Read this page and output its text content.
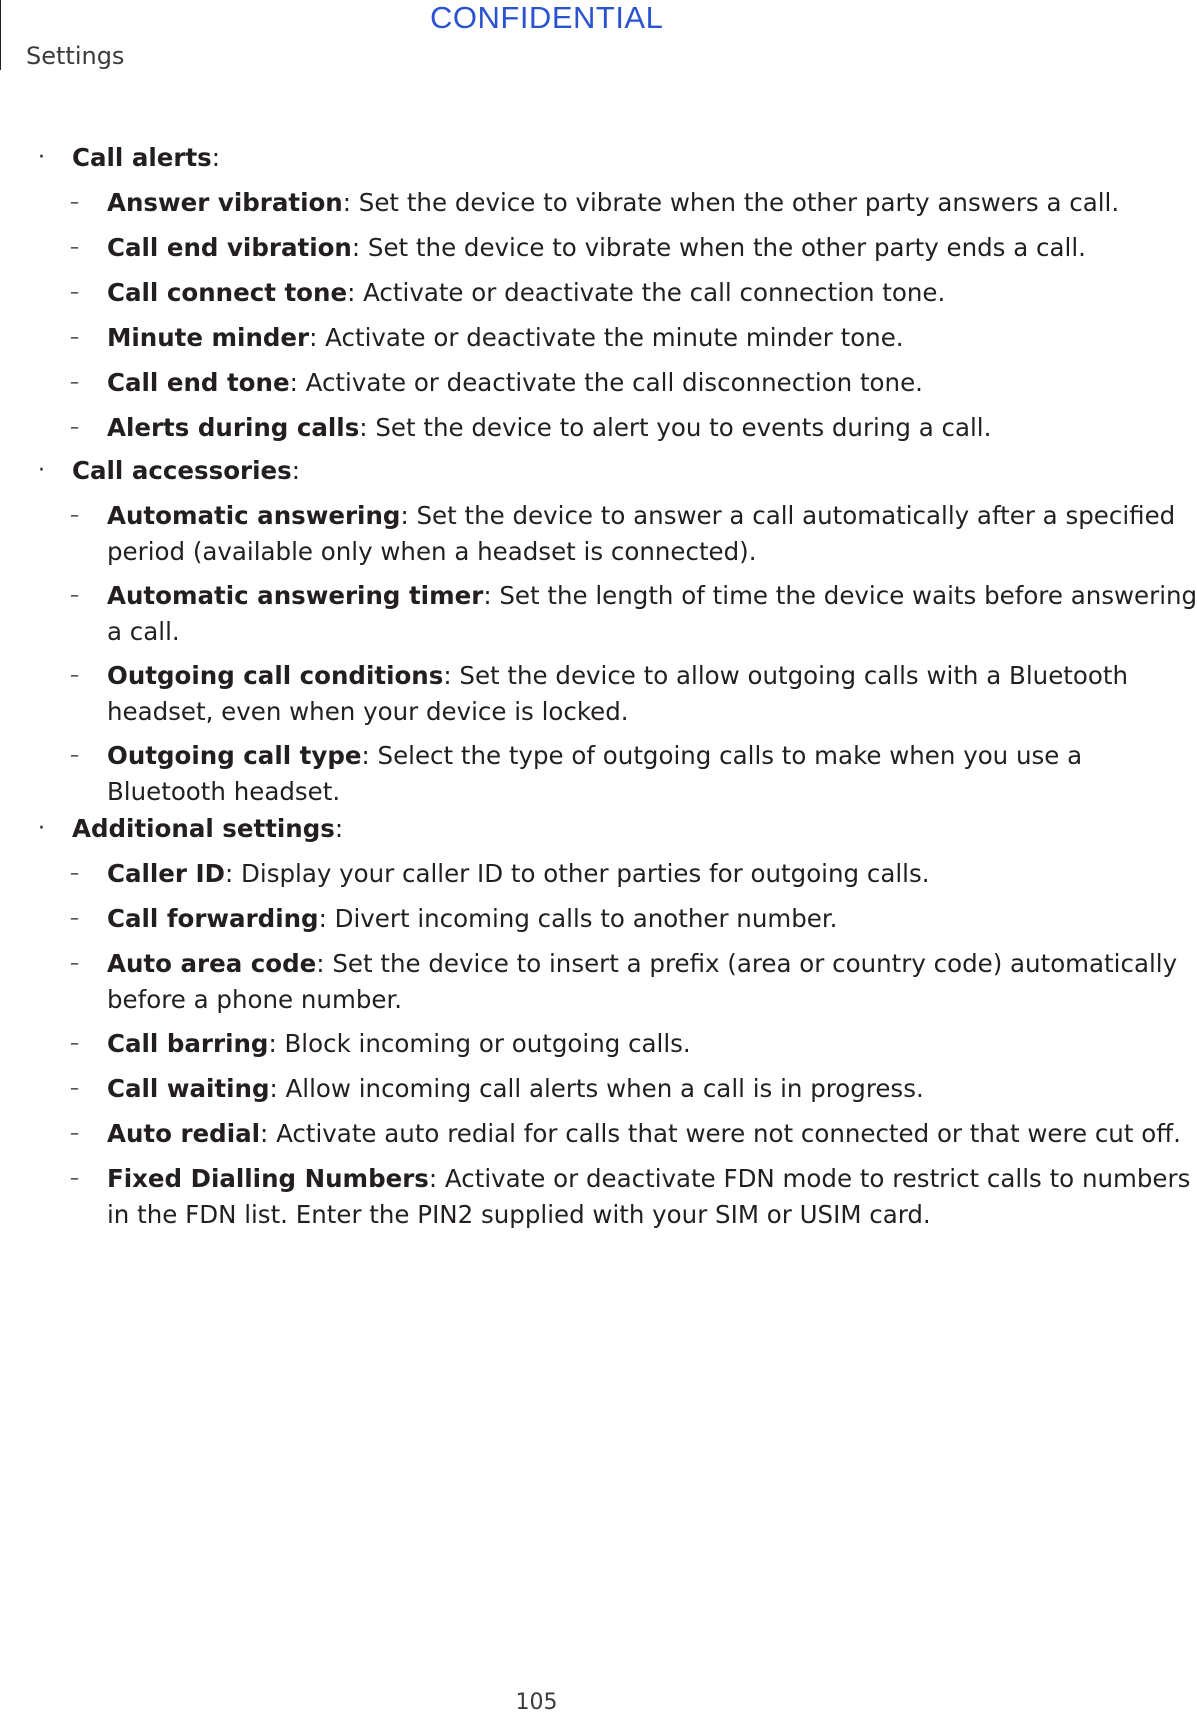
CONFIDENTIAL
Settings
· Call alerts:
– Answer vibration: Set the device to vibrate when the other party answers a call.
– Call end vibration: Set the device to vibrate when the other party ends a call.
– Call connect tone: Activate or deactivate the call connection tone.
– Minute minder: Activate or deactivate the minute minder tone.
– Call end tone: Activate or deactivate the call disconnection tone.
– Alerts during calls: Set the device to alert you to events during a call.
· Call accessories:
– Automatic answering: Set the device to answer a call automatically after a specified
period (available only when a headset is connected).
– Automatic answering timer: Set the length of time the device waits before answering
a call.
– Outgoing call conditions: Set the device to allow outgoing calls with a Bluetooth
headset, even when your device is locked.
– Outgoing call type: Select the type of outgoing calls to make when you use a
Bluetooth headset.
· Additional settings:
– Caller ID: Display your caller ID to other parties for outgoing calls.
– Call forwarding: Divert incoming calls to another number.
– Auto area code: Set the device to insert a prefix (area or country code) automatically
before a phone number.
– Call barring: Block incoming or outgoing calls.
– Call waiting: Allow incoming call alerts when a call is in progress.
– Auto redial: Activate auto redial for calls that were not connected or that were cut off.
– Fixed Dialling Numbers: Activate or deactivate FDN mode to restrict calls to numbers
in the FDN list. Enter the PIN2 supplied with your SIM or USIM card.
105
